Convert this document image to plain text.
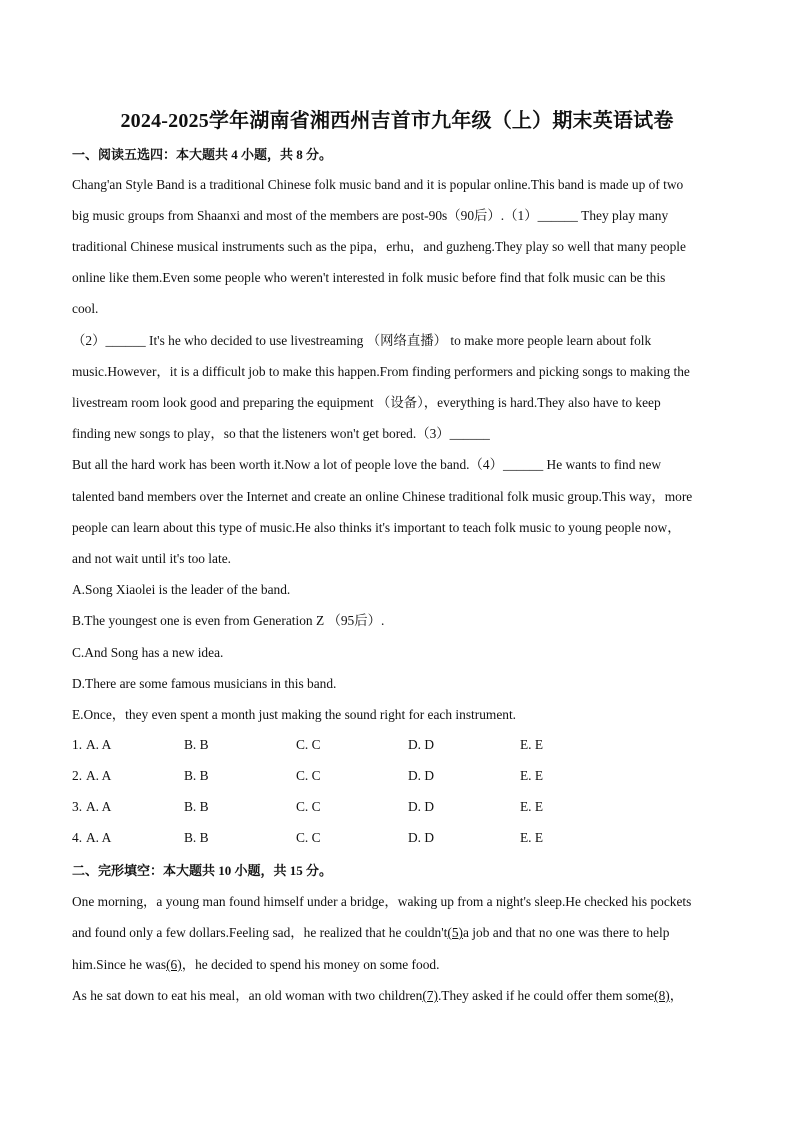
2024-2025学年湖南省湘西州吉首市九年级（上）期末英语试卷
一、阅读五选四：本大题共 4 小题，共 8 分。
Chang'an Style Band is a traditional Chinese folk music band and it is popular online.This band is made up of two
big music groups from Shaanxi and most of the members are post-90s（90后）.（1）______ They play many
traditional Chinese musical instruments such as the pipa，erhu，and guzheng.They play so well that many people
online like them.Even some people who weren't interested in folk music before find that folk music can be this
cool.
（2）______ It's he who decided to use livestreaming （网络直播） to make more people learn about folk
music.However，it is a difficult job to make this happen.From finding performers and picking songs to making the
livestream room look good and preparing the equipment （设备），everything is hard.They also have to keep
finding new songs to play，so that the listeners won't get bored.（3）______
But all the hard work has been worth it.Now a lot of people love the band.（4）______ He wants to find new
talented band members over the Internet and create an online Chinese traditional folk music group.This way，more
people can learn about this type of music.He also thinks it's important to teach folk music to young people now，
and not wait until it's too late.
A.Song Xiaolei is the leader of the band.
B.The youngest one is even from Generation Z （95后）.
C.And Song has a new idea.
D.There are some famous musicians in this band.
E.Once，they even spent a month just making the sound right for each instrument.
1. A. A	B. B	C. C	D. D	E. E
2. A. A	B. B	C. C	D. D	E. E
3. A. A	B. B	C. C	D. D	E. E
4. A. A	B. B	C. C	D. D	E. E
二、完形填空：本大题共 10 小题，共 15 分。
One morning，a young man found himself under a bridge，waking up from a night's sleep.He checked his pockets
and found only a few dollars.Feeling sad，he realized that he couldn't(5)a job and that no one was there to help
him.Since he was(6)，he decided to spend his money on some food.
As he sat down to eat his meal，an old woman with two children(7).They asked if he could offer them some(8)，
